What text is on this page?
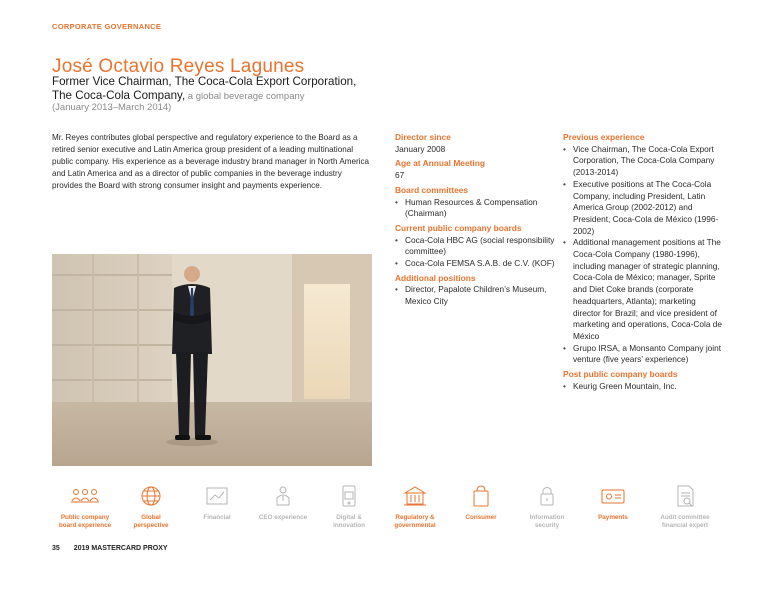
CORPORATE GOVERNANCE
José Octavio Reyes Lagunes
Former Vice Chairman, The Coca-Cola Export Corporation,
The Coca-Cola Company, a global beverage company
(January 2013–March 2014)
Mr. Reyes contributes global perspective and regulatory experience to the Board as a retired senior executive and Latin America group president of a leading multinational public company. His experience as a beverage industry brand manager in North America and Latin America and as a director of public companies in the beverage industry provides the Board with strong consumer insight and payments experience.
Director since
January 2008
Age at Annual Meeting
67
Board committees
• Human Resources & Compensation (Chairman)
Current public company boards
• Coca-Cola HBC AG (social responsibility committee)
• Coca-Cola FEMSA S.A.B. de C.V. (KOF)
Additional positions
• Director, Papalote Children’s Museum, Mexico City
Previous experience
• Vice Chairman, The Coca-Cola Export Corporation, The Coca-Cola Company (2013-2014)
• Executive positions at The Coca-Cola Company, including President, Latin America Group (2002-2012) and President, Coca-Cola de México (1996-2002)
• Additional management positions at The Coca-Cola Company (1980-1996), including manager of strategic planning, Coca-Cola de México; manager, Sprite and Diet Coke brands (corporate headquarters, Atlanta); marketing director for Brazil; and vice president of marketing and operations, Coca-Cola de México
• Grupo IRSA, a Monsanto Company joint venture (five years’ experience)
Post public company boards
• Keurig Green Mountain, Inc.
Public company
board experience
Global
perspective
Financial	CEO experience	Digital &
innovation
Regulatory &
governmental
Consumer	Information
security
Payments	Audit committee
financial expert
35 2019 MASTERCARD PROXY
